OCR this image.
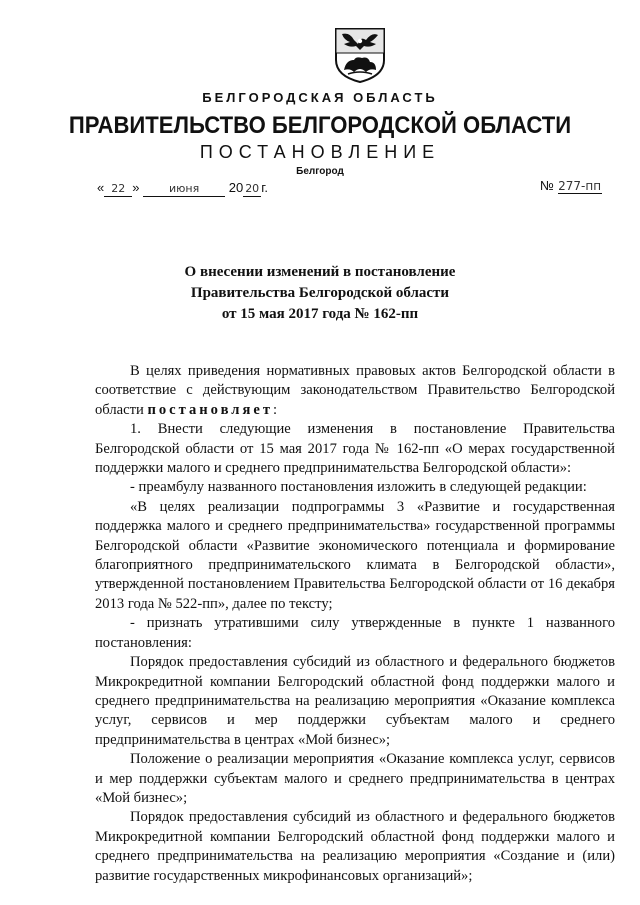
БЕЛГОРОДСКАЯ ОБЛАСТЬ
ПРАВИТЕЛЬСТВО БЕЛГОРОДСКОЙ ОБЛАСТИ
ПОСТАНОВЛЕНИЕ
Белгород
« 22 »	июня 20 20 г.	№ 277-пп
О внесении изменений в постановление
Правительства Белгородской области
от 15 мая 2017 года № 162-пп

В целях приведения нормативных правовых актов Белгородской области в соответствие с действующим законодательством Правительство Белгородской области постановляет:

1. Внести следующие изменения в постановление Правительства Белгородской области от 15 мая 2017 года № 162-пп «О мерах государственной поддержки малого и среднего предпринимательства Белгородской области»:

- преамбулу названного постановления изложить в следующей редакции:

«В целях реализации подпрограммы 3 «Развитие и государственная поддержка малого и среднего предпринимательства» государственной программы Белгородской области «Развитие экономического потенциала и формирование благоприятного предпринимательского климата в Белгородской области», утвержденной постановлением Правительства Белгородской области от 16 декабря 2013 года № 522-пп», далее по тексту;

- признать утратившими силу утвержденные в пункте 1 названного постановления:

Порядок предоставления субсидий из областного и федерального бюджетов Микрокредитной компании Белгородский областной фонд поддержки малого и среднего предпринимательства на реализацию мероприятия «Оказание комплекса услуг, сервисов и мер поддержки субъектам малого и среднего предпринимательства в центрах «Мой бизнес»;

Положение о реализации мероприятия «Оказание комплекса услуг, сервисов и мер поддержки субъектам малого и среднего предпринимательства в центрах «Мой бизнес»;

Порядок предоставления субсидий из областного и федерального бюджетов Микрокредитной компании Белгородский областной фонд поддержки малого и среднего предпринимательства на реализацию мероприятия «Создание и (или) развитие государственных микрофинансовых организаций»;
